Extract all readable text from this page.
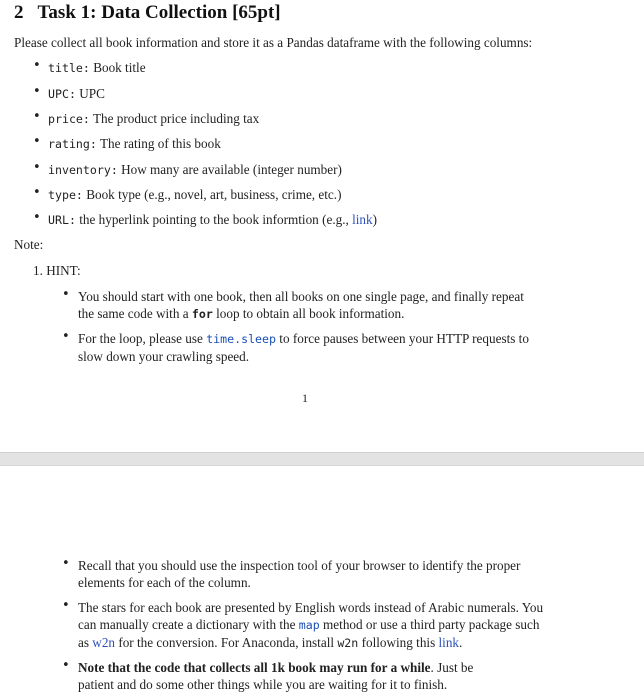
2 Task 1: Data Collection [65pt]
Please collect all book information and store it as a Pandas dataframe with the following columns:
• title: Book title
• UPC: UPC
• price: The product price including tax
• rating: The rating of this book
• inventory: How many are available (integer number)
• type: Book type (e.g., novel, art, business, crime, etc.)
• URL: the hyperlink pointing to the book informtion (e.g., link)
Note:
1. HINT:
• You should start with one book, then all books on one single page, and finally repeat
the same code with a for loop to obtain all book information.
• For the loop, please use time.sleep to force pauses between your HTTP requests to
slow down your crawling speed.
1
• Recall that you should use the inspection tool of your browser to identify the proper
elements for each of the column.
• The stars for each book are presented by English words instead of Arabic numerals. You
can manually create a dictionary with the map method or use a third party package such
as w2n for the conversion. For Anaconda, install w2n following this link.
• Note that the code that collects all 1k book may run for a while. Just be
patient and do some other things while you are waiting for it to finish.
